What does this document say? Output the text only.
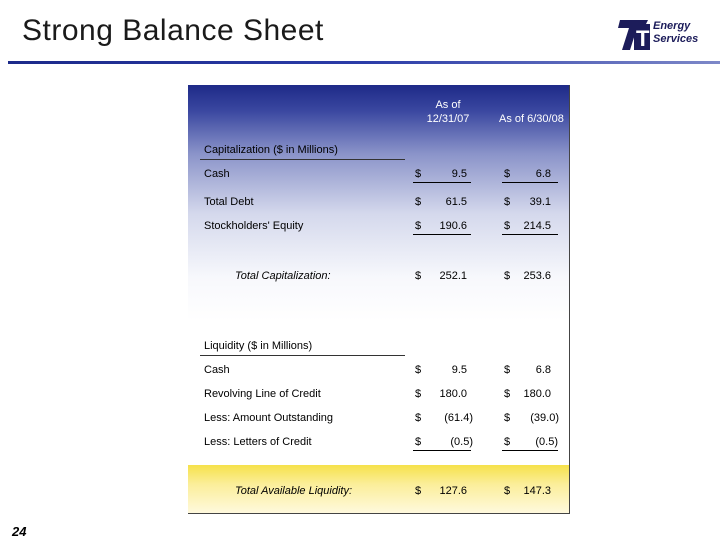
Strong Balance Sheet	T3
Energy
Services
As of
12/31/07	As of 6/30/08
Capitalization ($ in Millions)
Cash	$	9.5	$	6.8
Total Debt	$	61.5	$	39.1
Stockholders' Equity	$	190.6	$	214.5
Total Capitalization:	$	252.1	$	253.6
Liquidity ($ in Millions)
Cash	$	9.5	$	6.8
Revolving Line of Credit	$	180.0	$	180.0
Less: Amount Outstanding	$	(61.4)	$	(39.0)
Less: Letters of Credit	$	(0.5)	$	(0.5)
Total Available Liquidity:	$	127.6	$	147.3
24
